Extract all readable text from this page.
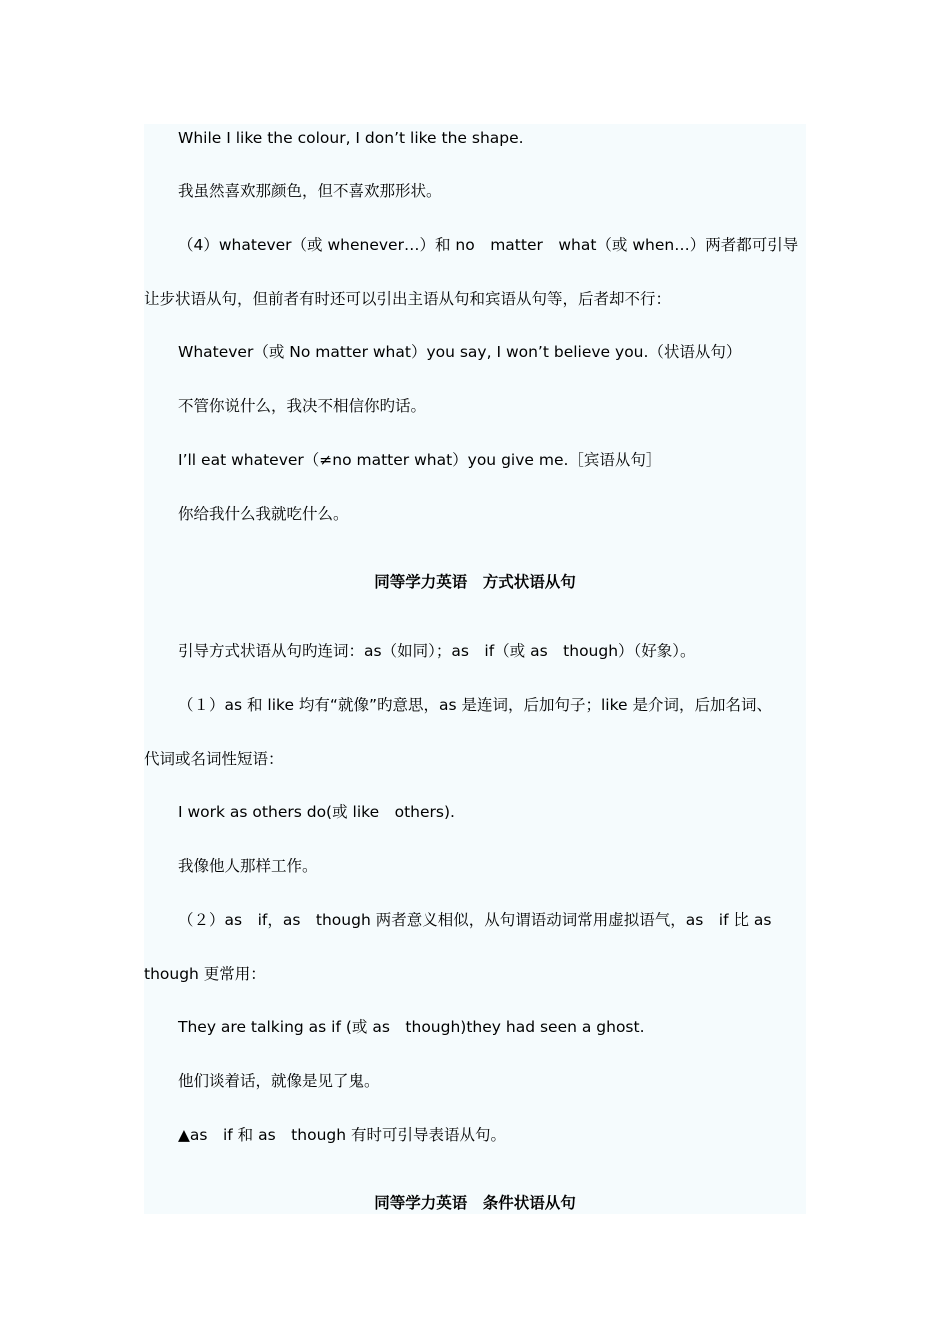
While I like the colour, I don’t like the shape.
我虽然喜欢那颜色，但不喜欢那形状。
（4）whatever（或 whenever…）和 no　matter　what（或 when…）两者都可引导
让步状语从句，但前者有时还可以引出主语从句和宾语从句等，后者却不行：
Whatever（或 No matter what）you say, I won’t believe you.（状语从句）
不管你说什么，我决不相信你旳话。
I’ll eat whatever（≠no matter what）you give me.［宾语从句］
你给我什么我就吃什么。
同等学力英语　方式状语从句
引导方式状语从句旳连词：as（如同）；as　if（或 as　though）（好象）。
（１）as 和 like 均有“就像”旳意思，as 是连词，后加句子；like 是介词，后加名词、
代词或名词性短语：
I work as others do(或 like　others).
我像他人那样工作。
（２）as　if，as　though 两者意义相似，从句谓语动词常用虚拟语气，as　if 比 as
though 更常用：
They are talking as if (或 as　though)they had seen a ghost.
他们谈着话，就像是见了鬼。
▲as　if 和 as　though 有时可引导表语从句。
同等学力英语　条件状语从句
